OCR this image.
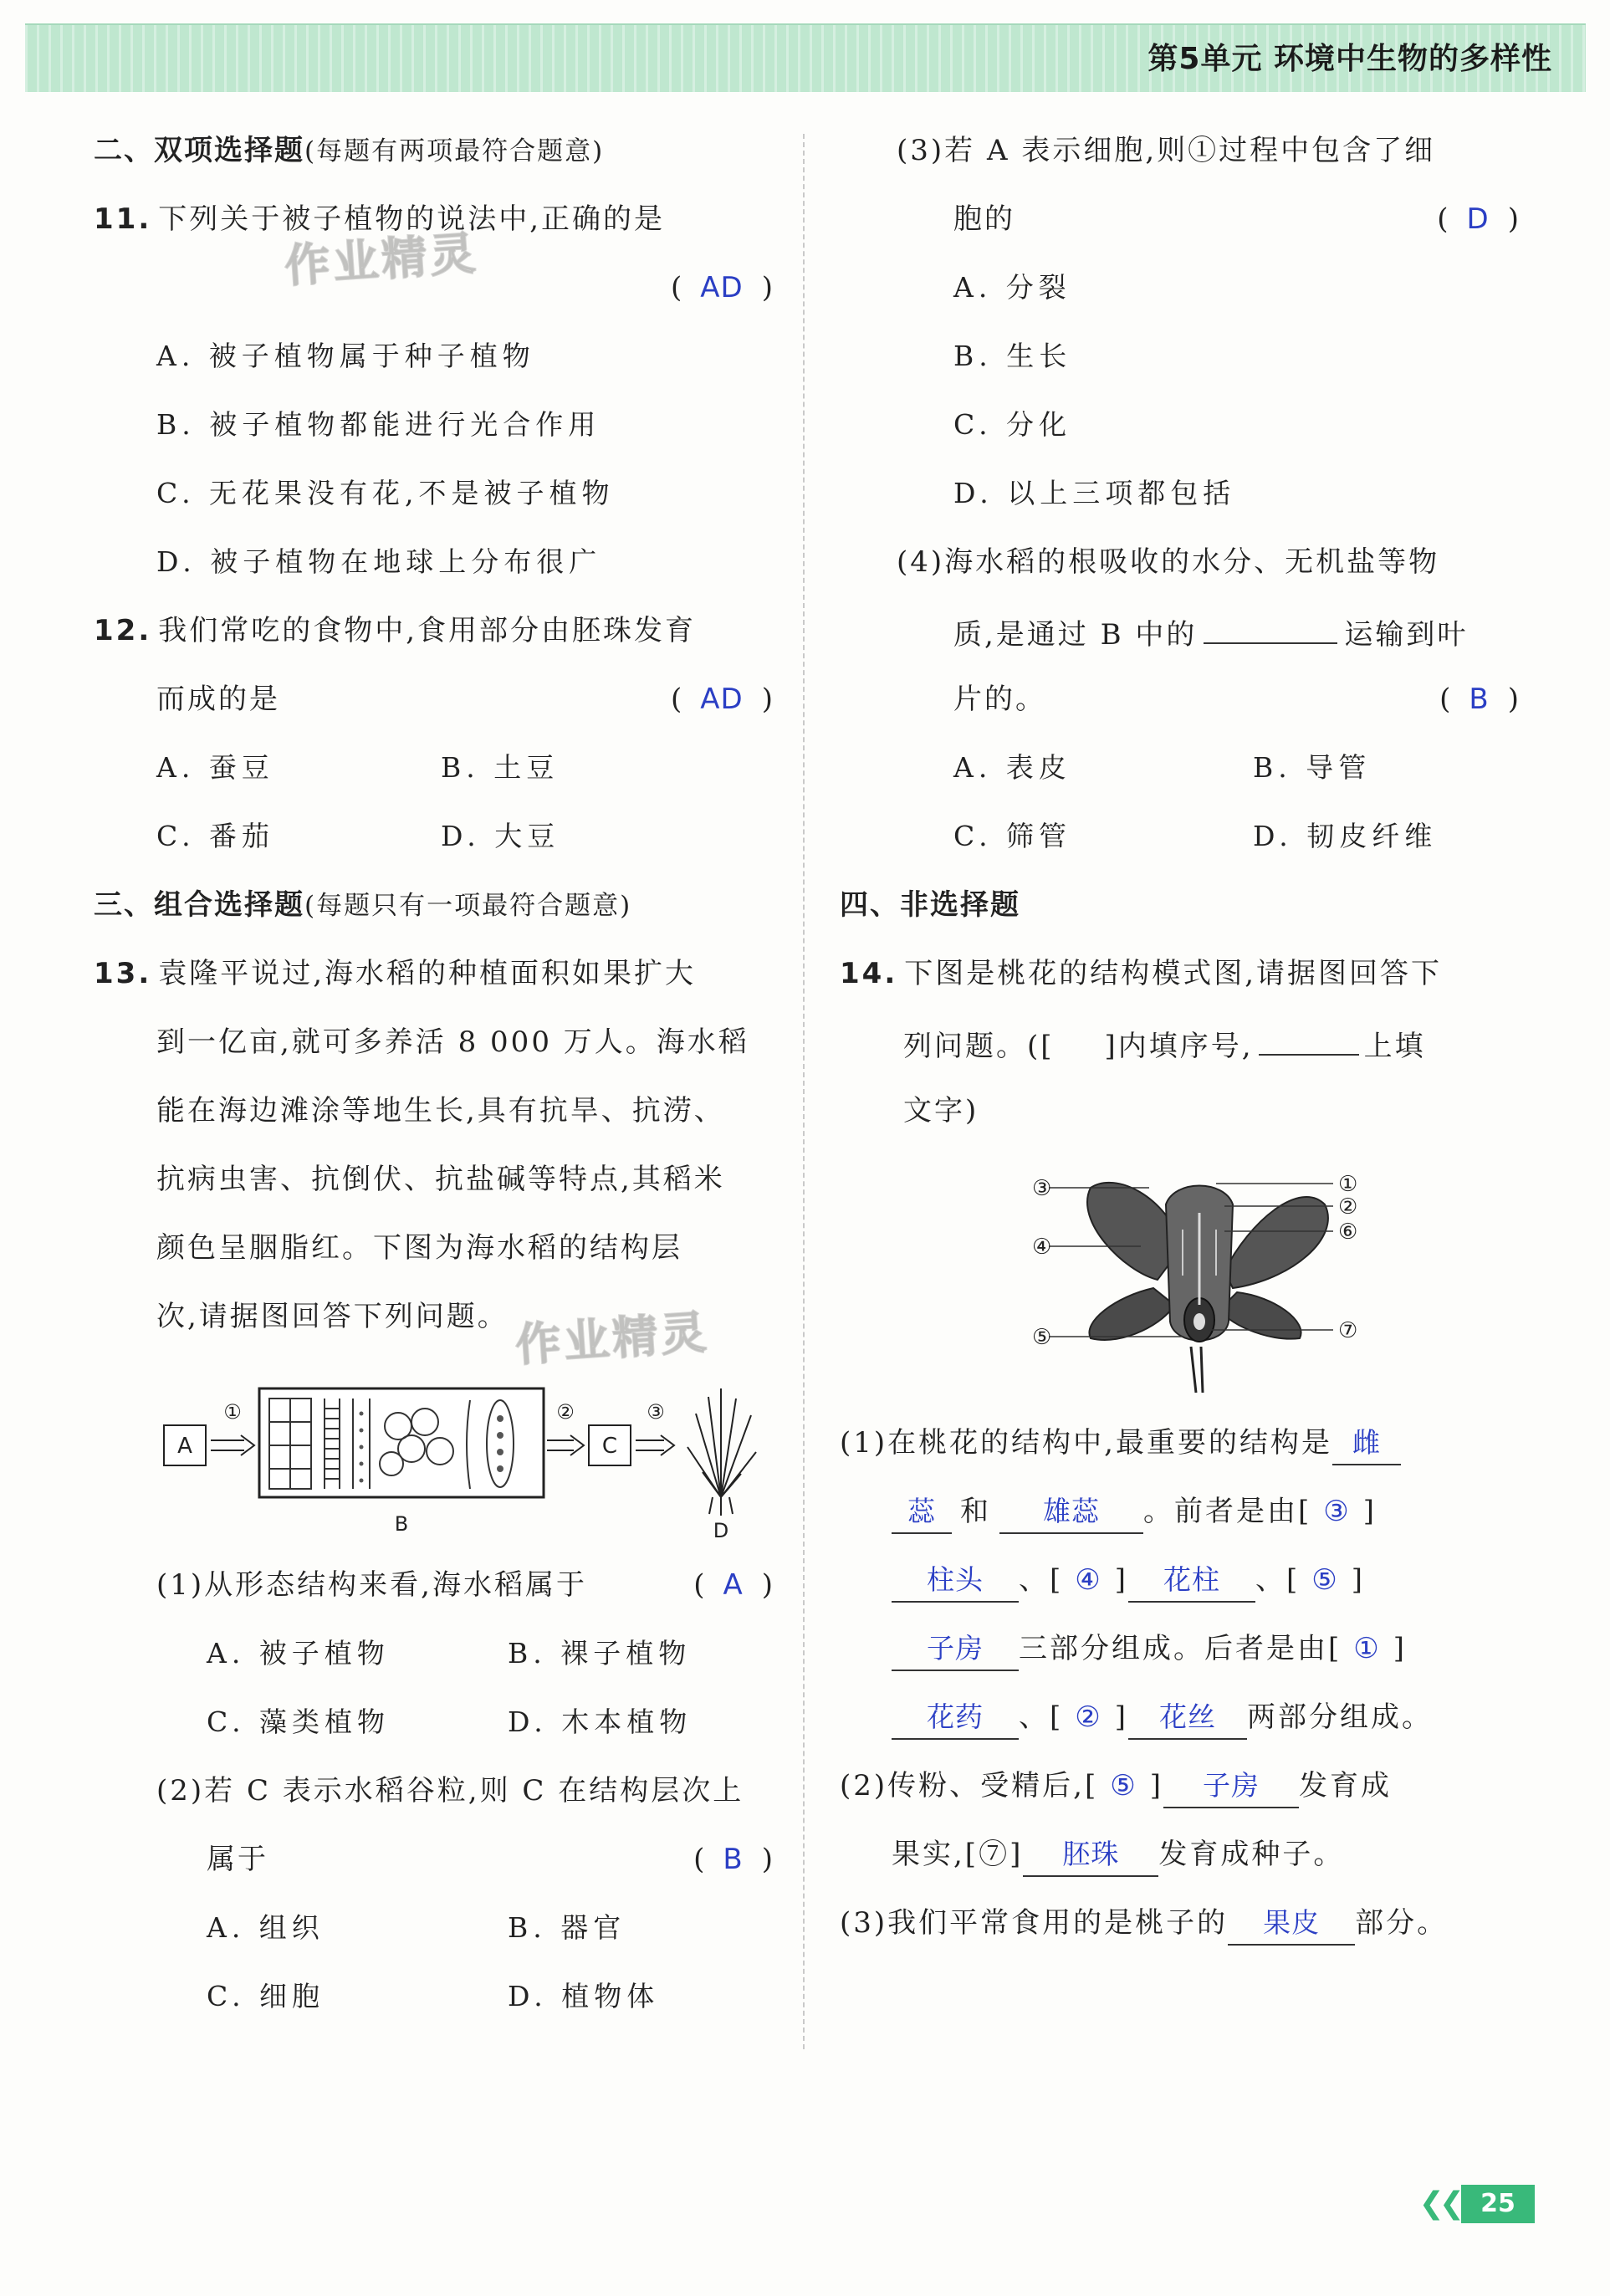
第5单元 环境中生物的多样性
作业精灵
作业精灵
二、双项选择题(每题有两项最符合题意)
11. 下列关于被子植物的说法中,正确的是
( AD )
A. 被子植物属于种子植物
B. 被子植物都能进行光合作用
C. 无花果没有花,不是被子植物
D. 被子植物在地球上分布很广
12. 我们常吃的食物中,食用部分由胚珠发育
而成的是	( AD )
A. 蚕豆	B. 土豆
C. 番茄	D. 大豆
三、组合选择题(每题只有一项最符合题意)
13. 袁隆平说过,海水稻的种植面积如果扩大
到一亿亩,就可多养活 8 000 万人。海水稻
能在海边滩涂等地生长,具有抗旱、抗涝、
抗病虫害、抗倒伏、抗盐碱等特点,其稻米
颜色呈胭脂红。下图为海水稻的结构层
次,请据图回答下列问题。
A
①
B
②
C
③
D
(1)从形态结构来看,海水稻属于	( A )
A. 被子植物	B. 裸子植物
C. 藻类植物	D. 木本植物
(2)若 C 表示水稻谷粒,则 C 在结构层次上
属于	( B )
A. 组织	B. 器官
C. 细胞	D. 植物体
(3)若 A 表示细胞,则①过程中包含了细
胞的	( D )
A. 分裂
B. 生长
C. 分化
D. 以上三项都包括
(4)海水稻的根吸收的水分、无机盐等物
质,是通过 B 中的	运输到叶
片的。	( B )
A. 表皮	B. 导管
C. 筛管	D. 韧皮纤维
四、非选择题
14. 下图是桃花的结构模式图,请据图回答下
列问题。([ ]内填序号,	上填
文字)
③
④
⑤
①
②
⑥
⑦
(1)在桃花的结构中,最重要的结构是 雌
蕊 和 雄蕊 。前者是由[ ③ ]
柱头 、[ ④ ] 花柱 、[ ⑤ ]
子房 三部分组成。后者是由[ ① ]
花药 、[ ② ] 花丝 两部分组成。
(2)传粉、受精后,[ ⑤ ] 子房 发育成
果实,[⑦] 胚珠 发育成种子。
(3)我们平常食用的是桃子的 果皮 部分。
❮❮ 25
